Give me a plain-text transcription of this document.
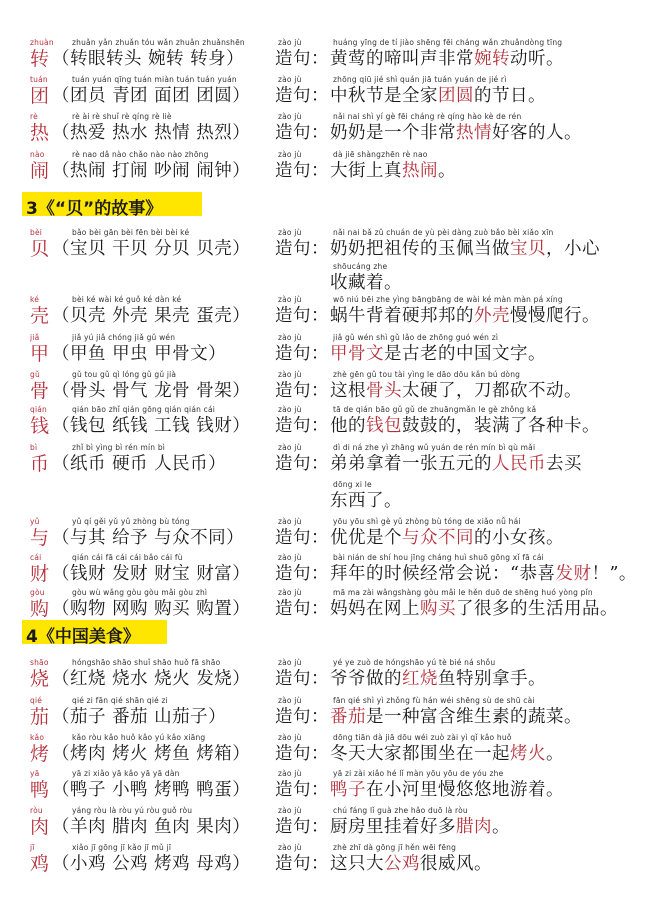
3《“贝”的故事》
4《中国美食》
zhuàn
转
zhuǎn yǎn zhuǎn tóu wǎn zhuǎn zhuǎnshēn
（转眼转头 婉转 转身）
zào jù
造句：
huáng yīng de tí jiào shēng fēi cháng wǎn zhuǎndòng tīng
黄莺的啼叫声非常婉转动听。
tuán
团
tuán yuán qīng tuán miàn tuán tuán yuán
（团员 青团 面团 团圆）
zào jù
造句：
zhōng qiū jié shì quán jiā tuán yuán de jié rì
中秋节是全家团圆的节日。
rè
热
rè ài rè shuǐ rè qíng rè liè
（热爱 热水 热情 热烈）
zào jù
造句：
nǎi nai shì yí gè fēi cháng rè qíng hào kè de rén
奶奶是一个非常热情好客的人。
nào
闹
rè nao dǎ nào chǎo nào nào zhōng
（热闹 打闹 吵闹 闹钟）
zào jù
造句：
dà jiē shàngzhēn rè nao
大街上真热闹。
bèi
贝
bǎo bèi gān bèi fēn bèi bèi ké
（宝贝 干贝 分贝 贝壳）
zào jù
造句：
nǎi nai bǎ zǔ chuán de yù pèi dàng zuò bǎo bèi xiǎo xīn
奶奶把祖传的玉佩当做宝贝，小心
shōucáng zhe
收藏着。
ké
壳
bèi ké wài ké guǒ ké dàn ké
（贝壳 外壳 果壳 蛋壳）
zào jù
造句：
wō niú bēi zhe yìng bāngbāng de wài ké màn màn pá xíng
蜗牛背着硬邦邦的外壳慢慢爬行。
jiǎ
甲
jiǎ yú jiǎ chóng jiǎ gǔ wén
（甲鱼 甲虫 甲骨文）
zào jù
造句：
jiǎ gǔ wén shì gǔ lǎo de zhōng guó wén zì
甲骨文是古老的中国文字。
gǔ
骨
gǔ tou gǔ qì lóng gǔ gǔ jià
（骨头 骨气 龙骨 骨架）
zào jù
造句：
zhè gēn gǔ tou tài yìng le dāo dōu kǎn bú dòng
这根骨头太硬了，刀都砍不动。
qián
钱
qián bāo zhǐ qián gōng qián qián cái
（钱包 纸钱 工钱 钱财）
zào jù
造句：
tā de qián bāo gǔ gǔ de zhuāngmǎn le gè zhǒng kǎ
他的钱包鼓鼓的，装满了各种卡。
bì
币
zhǐ bì yìng bì rén mín bì
（纸币 硬币 人民币）
zào jù
造句：
dì di ná zhe yì zhāng wǔ yuán de rén mín bì qù mǎi
弟弟拿着一张五元的人民币去买
dōng xi le
东西了。
yǔ
与
yǔ qí gěi yǔ yǔ zhòng bù tóng
（与其 给予 与众不同）
zào jù
造句：
yōu yōu shì gè yǔ zhòng bù tóng de xiǎo nǚ hái
优优是个与众不同的小女孩。
cái
财
qián cái fā cái cái bǎo cái fù
（钱财 发财 财宝 财富）
zào jù
造句：
bài nián de shí hou jīng cháng huì shuō gōng xǐ fā cái
拜年的时候经常会说：“恭喜发财！”。
gòu
购
gòu wù wǎng gòu gòu mǎi gòu zhì
（购物 网购 购买 购置）
zào jù
造句：
mā ma zài wǎngshàng gòu mǎi le hěn duō de shēng huó yòng pǐn
妈妈在网上购买了很多的生活用品。
shāo
烧
hóngshāo shāo shuǐ shāo huǒ fā shāo
（红烧 烧水 烧火 发烧）
zào jù
造句：
yé ye zuò de hóngshāo yú tè bié ná shǒu
爷爷做的红烧鱼特别拿手。
qié
茄
qié zi fān qié shān qié zi
（茄子 番茄 山茄子）
zào jù
造句：
fān qié shì yì zhǒng fù hán wéi shēng sù de shū cài
番茄是一种富含维生素的蔬菜。
kǎo
烤
kǎo ròu kǎo huǒ kǎo yú kǎo xiāng
（烤肉 烤火 烤鱼 烤箱）
zào jù
造句：
dōng tiān dà jiā dōu wéi zuò zài yì qǐ kǎo huǒ
冬天大家都围坐在一起烤火。
yā
鸭
yā zi xiǎo yā kǎo yā yā dàn
（鸭子 小鸭 烤鸭 鸭蛋）
zào jù
造句：
yā zi zài xiǎo hé lǐ màn yōu yōu de yóu zhe
鸭子在小河里慢悠悠地游着。
ròu
肉
yáng ròu là ròu yú ròu guǒ ròu
（羊肉 腊肉 鱼肉 果肉）
zào jù
造句：
chú fáng lǐ guà zhe hǎo duō là ròu
厨房里挂着好多腊肉。
jī
鸡
xiǎo jī gōng jī kǎo jī mǔ jī
（小鸡 公鸡 烤鸡 母鸡）
zào jù
造句：
zhè zhī dà gōng jī hěn wēi fēng
这只大公鸡很威风。
